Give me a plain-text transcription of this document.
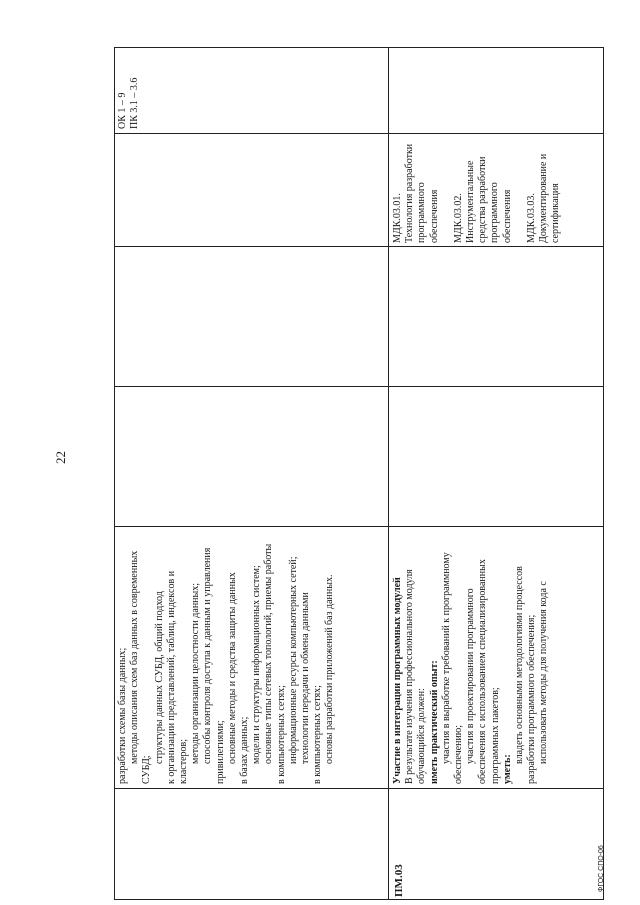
22
разработки схемы базы данных; методы описания схем баз данных в современных
СУБД;
структуры данных СУБД, общий подход к организации представлений, таблиц, индексов и кластеров; методы организации целостности данных; способы контроля доступа к данным и управления привилегиями; основные методы и средства защиты данных в базах данных; модели и структуры информационных систем; основные типы сетевых топологий, приемы работы в компьютерных сетях; информационные ресурсы компьютерных сетей; технологии передачи и обмена данными в компьютерных сетях; основы разработки приложений баз данных.
ОК 1 – 9 ПК 3.1 – 3.6
ПМ.03
Участие в интеграции программных модулей В результате изучения профессионального модуля обучающийся должен: иметь практический опыт: участия в выработке требований к программному обеспечению; участия в проектировании программного обеспечения с использованием специализированных программных пакетов; уметь:
владеть основными методологиями процессов разработки программного обеспечения; использовать методы для получения кода с
МДК.03.01. Технология разработки программного обеспечения МДК.03.02. Инструментальные средства разработки программного обеспечения МДК.03.03. Документирование и сертификация
ФГОС СПО-06
